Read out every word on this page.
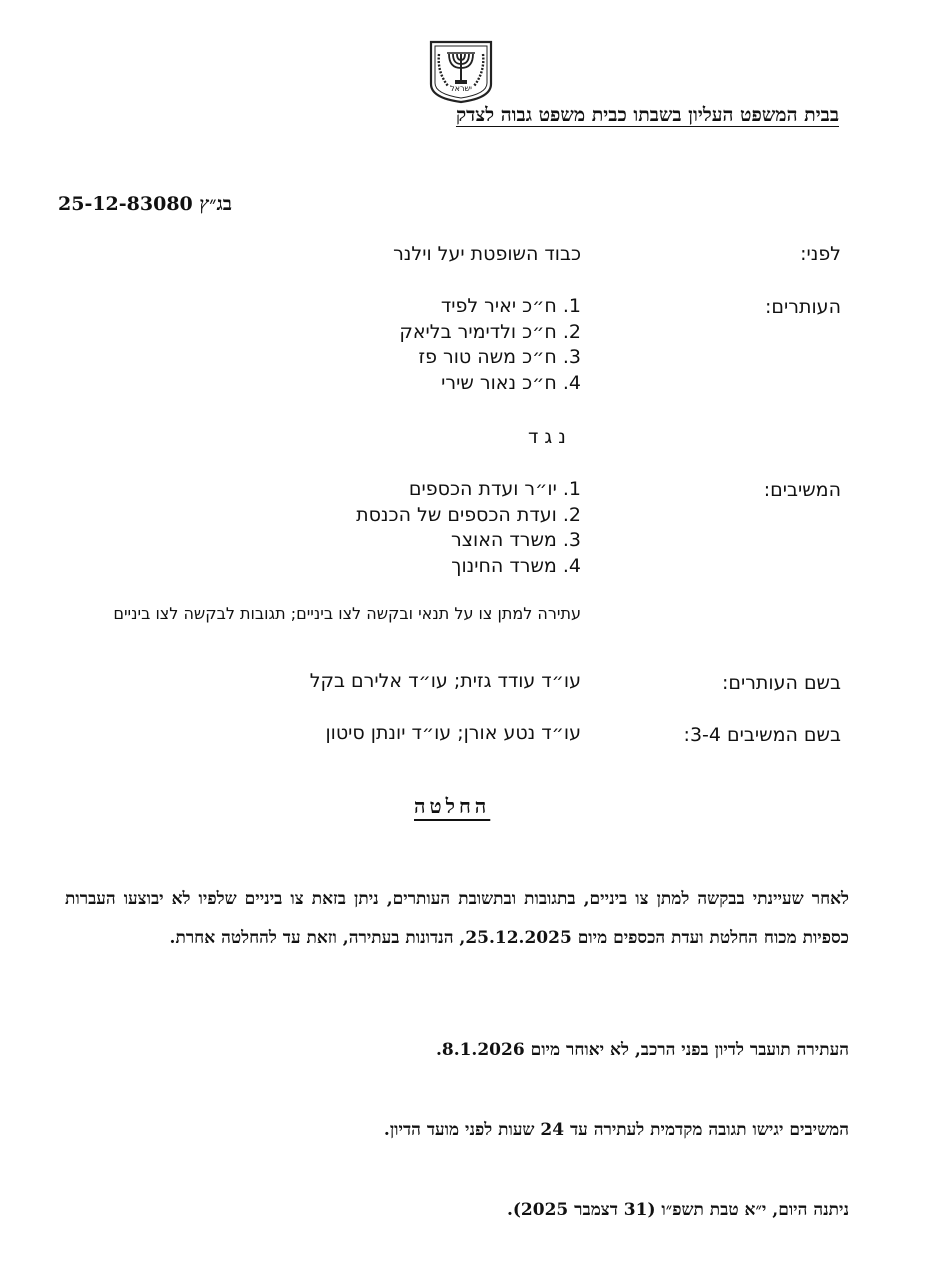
ישראל
בבית המשפט העליון בשבתו כבית משפט גבוה לצדק
בג״ץ 25-12-83080
לפני:
כבוד השופטת יעל וילנר
העותרים:
1. ח״כ יאיר לפיד
2. ח״כ ולדימיר בליאק
3. ח״כ משה טור פז
4. ח״כ נאור שירי
נגד
המשיבים:
1. יו״ר ועדת הכספים
2. ועדת הכספים של הכנסת
3. משרד האוצר
4. משרד החינוך
עתירה למתן צו על תנאי ובקשה לצו ביניים; תגובות לבקשה לצו ביניים
בשם העותרים:
עו״ד עודד גזית; עו״ד אלירם בקל
בשם המשיבים 3-4:
עו״ד נטע אורן; עו״ד יונתן סיטון
החלטה
לאחר שעיינתי בבקשה למתן צו ביניים, בתגובות ובתשובת העותרים, ניתן בזאת צו ביניים שלפיו לא יבוצעו העברות כספיות מכוח החלטת ועדת הכספים מיום 25.12.2025, הנדונות בעתירה, וזאת עד להחלטה אחרת.
העתירה תועבר לדיון בפני הרכב, לא יאוחר מיום 8.1.2026.
המשיבים יגישו תגובה מקדמית לעתירה עד 24 שעות לפני מועד הדיון.
ניתנה היום, י״א טבת תשפ״ו (31 דצמבר 2025).
